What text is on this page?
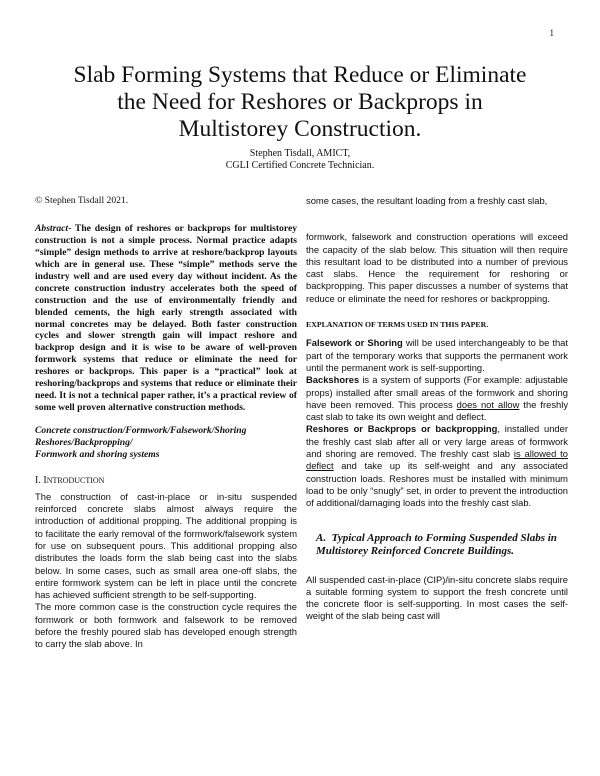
1
Slab Forming Systems that Reduce or Eliminate
the Need for Reshores or Backprops in
Multistorey Construction.
Stephen Tisdall, AMICT,
CGLI Certified Concrete Technician.

© Stephen Tisdall 2021.

Abstract- The design of reshores or backprops for multistorey construction is not a simple process. Normal practice adapts “simple” design methods to arrive at reshore/backprop layouts which are in general use. These “simple” methods serve the industry well and are used every day without incident. As the concrete construction industry accelerates both the speed of construction and the use of environmentally friendly and blended cements, the high early strength associated with normal concretes may be delayed. Both faster construction cycles and slower strength gain will impact reshore and backprop design and it is wise to be aware of well-proven formwork systems that reduce or eliminate the need for reshores or backprops. This paper is a “practical” look at reshoring/backprops and systems that reduce or eliminate their need. It is not a technical paper rather, it’s a practical review of some well proven alternative construction methods.

Concrete construction/Formwork/Falsework/Shoring
Reshores/Backpropping/
Formwork and shoring systems
I. INTRODUCTION

The construction of cast-in-place or in-situ suspended reinforced concrete slabs almost always require the introduction of additional propping. The additional propping is to facilitate the early removal of the formwork/falsework system for use on subsequent pours. This additional propping also distributes the loads form the slab being cast into the slabs below. In some cases, such as small area one-off slabs, the entire formwork system can be left in place until the concrete has achieved sufficient strength to be self-supporting.

The more common case is the construction cycle requires the formwork or both formwork and falsework to be removed before the freshly poured slab has developed enough strength to carry the slab above. In

some cases, the resultant loading from a freshly cast slab,

formwork, falsework and construction operations will exceed the capacity of the slab below. This situation will then require this resultant load to be distributed into a number of previous cast slabs. Hence the requirement for reshoring or backpropping. This paper discusses a number of systems that reduce or eliminate the need for reshores or backpropping.

EXPLANATION OF TERMS USED IN THIS PAPER.

Falsework or Shoring will be used interchangeably to be that part of the temporary works that supports the permanent work until the permanent work is self-supporting.

Backshores is a system of supports (For example: adjustable props) installed after small areas of the formwork and shoring have been removed. This process does not allow the freshly cast slab to take its own weight and deflect.

Reshores or Backprops or backpropping, installed under the freshly cast slab after all or very large areas of formwork and shoring are removed. The freshly cast slab is allowed to deflect and take up its self-weight and any associated construction loads. Reshores must be installed with minimum load to be only “snugly” set, in order to prevent the introduction of additional/damaging loads into the freshly cast slab.

A. Typical Approach to Forming Suspended Slabs in Multistorey Reinforced Concrete Buildings.

All suspended cast-in-place (CIP)/in-situ concrete slabs require a suitable forming system to support the fresh concrete until the concrete floor is self-supporting. In most cases the self-weight of the slab being cast will
